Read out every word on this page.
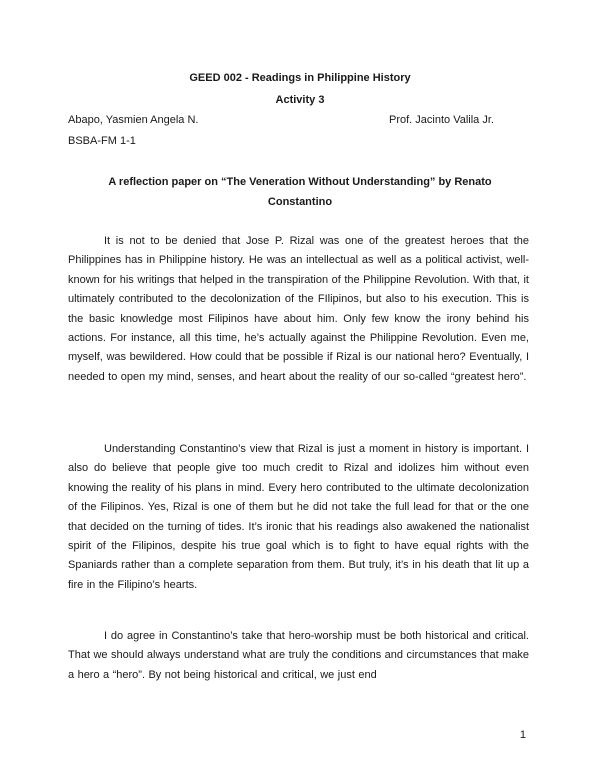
GEED 002 - Readings in Philippine History
Activity 3
Abapo, Yasmien Angela N.	Prof. Jacinto Valila Jr.
BSBA-FM 1-1
A reflection paper on “The Veneration Without Understanding” by Renato
Constantino

It is not to be denied that Jose P. Rizal was one of the greatest heroes that the Philippines has in Philippine history. He was an intellectual as well as a political activist, well-known for his writings that helped in the transpiration of the Philippine Revolution. With that, it ultimately contributed to the decolonization of the FIlipinos, but also to his execution. This is the basic knowledge most Filipinos have about him. Only few know the irony behind his actions. For instance, all this time, he’s actually against the Philippine Revolution. Even me, myself, was bewildered. How could that be possible if Rizal is our national hero? Eventually, I needed to open my mind, senses, and heart about the reality of our so-called “greatest hero”.

Understanding Constantino’s view that Rizal is just a moment in history is important. I also do believe that people give too much credit to Rizal and idolizes him without even knowing the reality of his plans in mind. Every hero contributed to the ultimate decolonization of the Filipinos. Yes, Rizal is one of them but he did not take the full lead for that or the one that decided on the turning of tides. It’s ironic that his readings also awakened the nationalist spirit of the Filipinos, despite his true goal which is to fight to have equal rights with the Spaniards rather than a complete separation from them. But truly, it’s in his death that lit up a fire in the Filipino’s hearts.

I do agree in Constantino’s take that hero-worship must be both historical and critical. That we should always understand what are truly the conditions and circumstances that make a hero a “hero”. By not being historical and critical, we just end

1
